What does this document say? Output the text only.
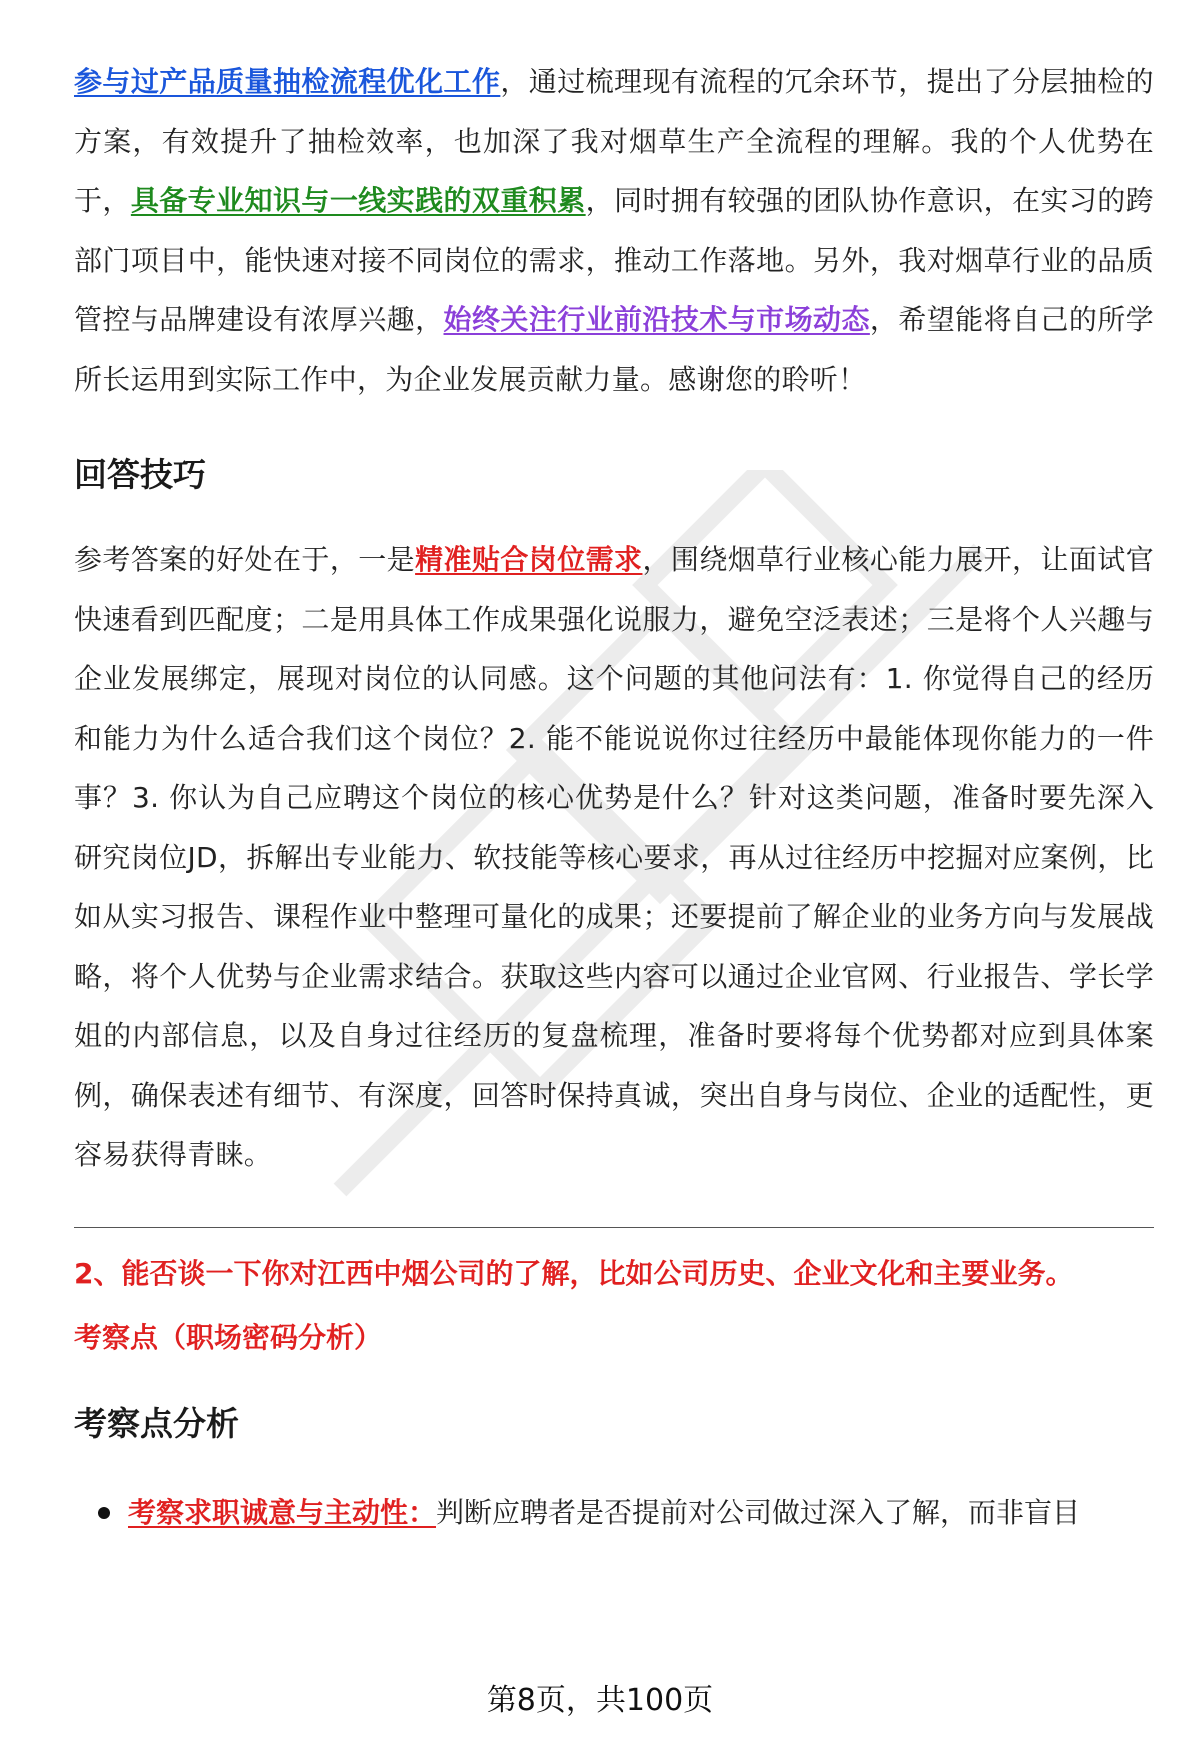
参与过产品质量抽检流程优化工作，通过梳理现有流程的冗余环节，提出了分层抽检的方案，有效提升了抽检效率，也加深了我对烟草生产全流程的理解。我的个人优势在于，具备专业知识与一线实践的双重积累，同时拥有较强的团队协作意识，在实习的跨部门项目中，能快速对接不同岗位的需求，推动工作落地。另外，我对烟草行业的品质管控与品牌建设有浓厚兴趣，始终关注行业前沿技术与市场动态，希望能将自己的所学所长运用到实际工作中，为企业发展贡献力量。感谢您的聆听！

回答技巧

参考答案的好处在于，一是精准贴合岗位需求，围绕烟草行业核心能力展开，让面试官快速看到匹配度；二是用具体工作成果强化说服力，避免空泛表述；三是将个人兴趣与企业发展绑定，展现对岗位的认同感。这个问题的其他问法有：1. 你觉得自己的经历和能力为什么适合我们这个岗位？2. 能不能说说你过往经历中最能体现你能力的一件事？3. 你认为自己应聘这个岗位的核心优势是什么？针对这类问题，准备时要先深入研究岗位JD，拆解出专业能力、软技能等核心要求，再从过往经历中挖掘对应案例，比如从实习报告、课程作业中整理可量化的成果；还要提前了解企业的业务方向与发展战略，将个人优势与企业需求结合。获取这些内容可以通过企业官网、行业报告、学长学姐的内部信息，以及自身过往经历的复盘梳理，准备时要将每个优势都对应到具体案例，确保表述有细节、有深度，回答时保持真诚，突出自身与岗位、企业的适配性，更容易获得青睐。

2、能否谈一下你对江西中烟公司的了解，比如公司历史、企业文化和主要业务。

考察点（职场密码分析）

考察点分析
考察求职诚意与主动性：判断应聘者是否提前对公司做过深入了解，而非盲目
第8页，共100页
